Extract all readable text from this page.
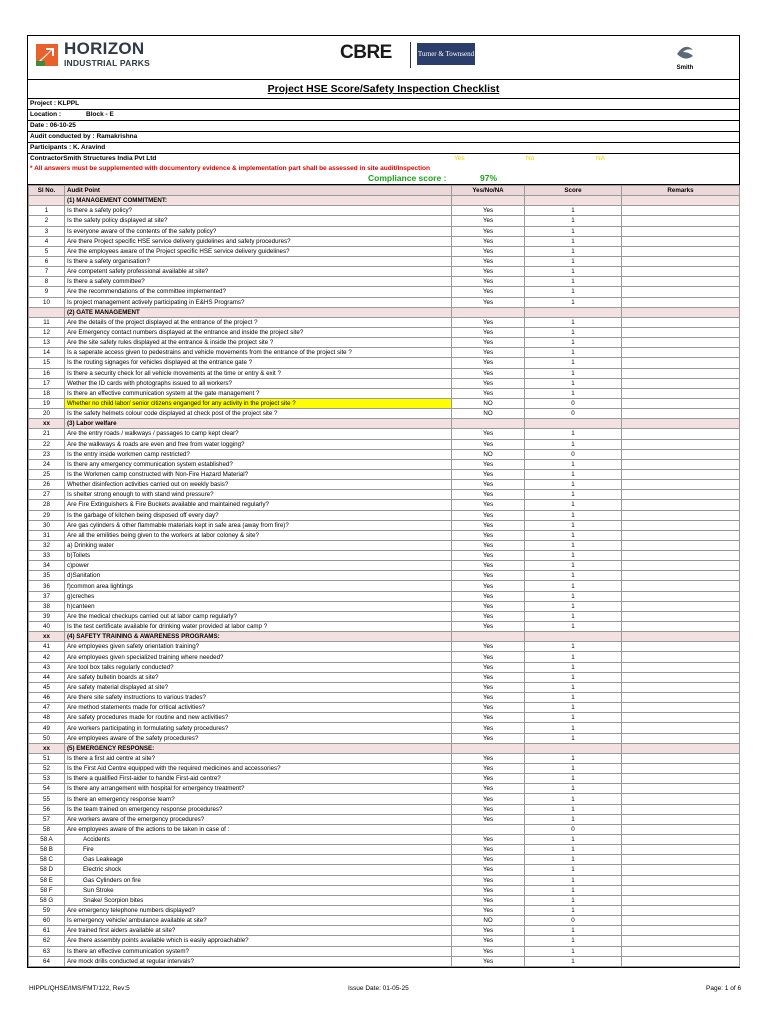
HORIZON
INDUSTRIAL PARKS	CBRE	Turner & Townsend
Smith
Project HSE Score/Safety Inspection Checklist
Project : KLPPL
Location :	Block - E
Date : 06-10-25
Audit conducted by : Ramakrishna
Participants : K. Aravind
ContractorSmith Structures India Pvt Ltd	Yes	No	NA
* All answers must be supplemented with documentory evidence & implementation part shall be assessed in site audit/Inspection
Compliance score :	97%
Sl No.	Audit Point	Yes/No/NA	Score	Remarks
	(1) MANAGEMENT COMMITMENT:			
1	Is there a safety policy?	Yes	1	
2	Is the safety policy displayed at site?	Yes	1	
3	Is everyone aware of the contents of the safety policy?	Yes	1	
4	Are there Project specific HSE service delivery guidelines and safety procedures?	Yes	1	
5	Are the employees aware of the Project specific HSE service delivery guidelines?	Yes	1	
6	Is there a safety organisation?	Yes	1	
7	Are competent safety professional available at site?	Yes	1	
8	Is there a safety committee?	Yes	1	
9	Are the recommendations of the committee implemented?	Yes	1	
10	Is project management actively participating in E&HS Programs?	Yes	1	
	(2) GATE MANAGEMENT			
11	Are the details of the project displayed at the entrance of the project ?	Yes	1	
12	Are Emergency contact numbers displayed at the entrance and inside the project site?	Yes	1	
13	Are the site safety rules displayed at the entrance & inside the project site ?	Yes	1	
14	Is a saperate access given to pedestrains and vehicle movements from the entrance of the project site ?	Yes	1	
15	Is the routing signages for vehicles displayed at the entrance gate ?	Yes	1	
16	Is there a security check for all vehicle movements at the time or entry & exit ?	Yes	1	
17	Wether the ID cards with photographs issued to all workers?	Yes	1	
18	Is there an effective communication system at the gate management ?	Yes	1	
19	Whether no child labor/ senior citizens enganged for any activity in the project site ?	NO	0	
20	Is the safety helmets colour code displayed at check post of the project site ?	NO	0	
xx	(3) Labor welfare			
21	Are the entry roads / walkways / passages to camp kept clear?	Yes	1	
22	Are the walkways & roads are even and free from water logging?	Yes	1	
23	Is the entry inside workmen camp restricted?	NO	0	
24	Is there any emergency communication system established?	Yes	1	
25	Is the Workmen camp constructed with Non-Fire Hazard Material?	Yes	1	
26	Whether disinfection activities carried out on weekly basis?	Yes	1	
27	Is shelter strong enough to with stand wind pressure?	Yes	1	
28	Are Fire Extinguishers & Fire Buckets available and maintained regularly?	Yes	1	
29	Is the garbage of kitchen being disposed off every day?	Yes	1	
30	Are gas cylinders & other flammable materials kept in safe area (away from fire)?	Yes	1	
31	Are all the emilities being given to the workers at labor coloney & site?	Yes	1	
32	a) Drinking water	Yes	1	
33	b)Toilets	Yes	1	
34	c)power	Yes	1	
35	d)Sanitation	Yes	1	
36	f)common area lightings	Yes	1	
37	g)creches	Yes	1	
38	h)canteen	Yes	1	
39	Are the medical checkups carried out at labor camp regularly?	Yes	1	
40	Is the test certificate available for drinking water provided at labor camp ?	Yes	1	
xx	(4) SAFETY TRAINING & AWARENESS PROGRAMS:			
41	Are employees given safety orientation training?	Yes	1	
42	Are employees given specialized training where needed?	Yes	1	
43	Are tool box talks regularly conducted?	Yes	1	
44	Are safety bulletin boards at site?	Yes	1	
45	Are safety material displayed at site?	Yes	1	
46	Are there site safety instructions to various trades?	Yes	1	
47	Are method statements made for critical activities?	Yes	1	
48	Are safety procedures made for routine and new activities?	Yes	1	
49	Are workers participating in formulating safety procedures?	Yes	1	
50	Are employees aware of the safety procedures?	Yes	1	
xx	(5) EMERGENCY RESPONSE:			
51	Is there a first aid centre at site?	Yes	1	
52	Is the First Aid Centre equipped with the required medicines and accessories?	Yes	1	
53	Is there a qualified First-aider to handle First-aid centre?	Yes	1	
54	Is there any arrangement with hospital for emergency treatment?	Yes	1	
55	Is there an emergency response team?	Yes	1	
56	Is the team trained on emergency response procedures?	Yes	1	
57	Are workers aware of the emergency procedures?	Yes	1	
58	Are employees aware of the actions to be taken in case of :		0	
58 A	Accidents	Yes	1	
58 B	Fire	Yes	1	
58 C	Gas Leakeage	Yes	1	
58 D	Electric shock	Yes	1	
58 E	Gas Cylinders on fire	Yes	1	
58 F	Sun Stroke	Yes	1	
58 G	Snake/ Scorpion bites	Yes	1	
59	Are emergency telephone numbers displayed?	Yes	1	
60	Is emergency vehicle/ ambulance available at site?	NO	0	
61	Are trained first aiders available at site?	Yes	1	
62	Are there assembly points available which is easily approachable?	Yes	1	
63	Is there an effective communication system?	Yes	1	
64	Are mock drills conducted at regular intervals?	Yes	1	
HIPPL/QHSE/IMS/FMT/122, Rev:5	Issue Date: 01-05-25	Page: 1 of 6
